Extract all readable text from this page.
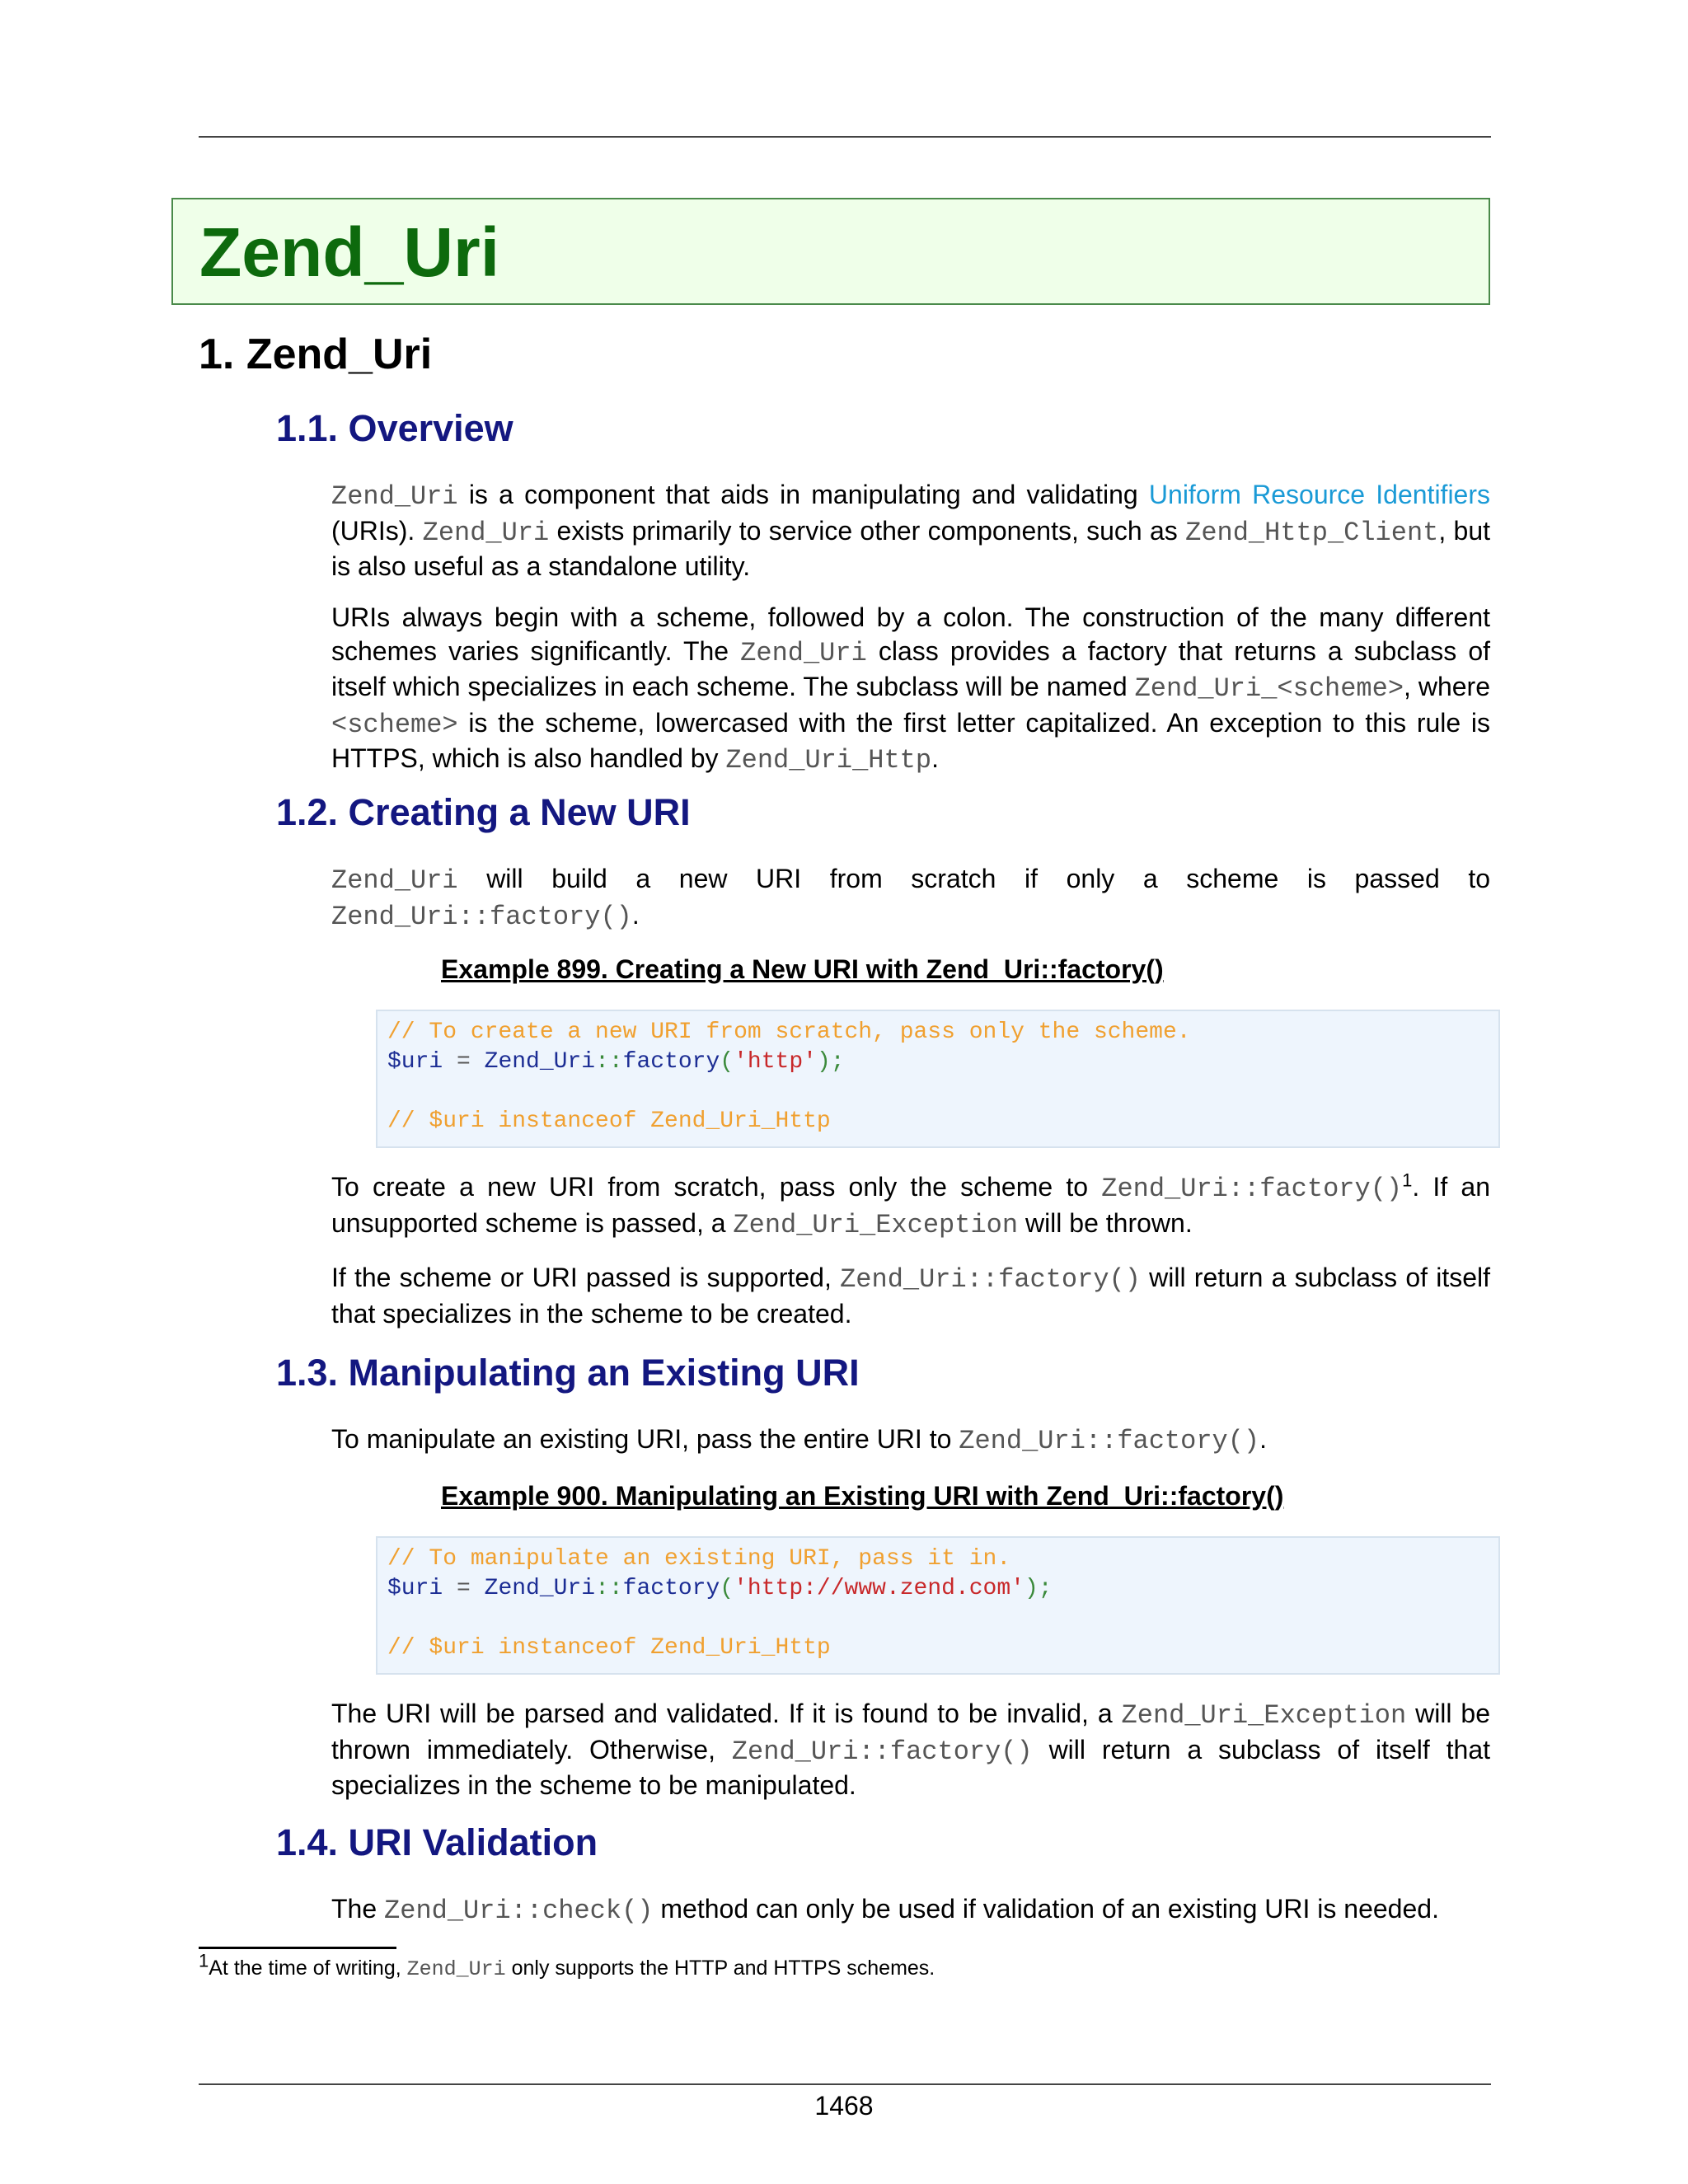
Zend_Uri
1. Zend_Uri
1.1. Overview

Zend_Uri is a component that aids in manipulating and validating Uniform Resource Identifiers (URIs). Zend_Uri exists primarily to service other components, such as Zend_Http_Client, but is also useful as a standalone utility.

URIs always begin with a scheme, followed by a colon. The construction of the many different schemes varies significantly. The Zend_Uri class provides a factory that returns a subclass of itself which specializes in each scheme. The subclass will be named Zend_Uri_<scheme>, where <scheme> is the scheme, lowercased with the first letter capitalized. An exception to this rule is HTTPS, which is also handled by Zend_Uri_Http.

1.2. Creating a New URI

Zend_Uri will build a new URI from scratch if only a scheme is passed to Zend_Uri::factory().

Example 899. Creating a New URI with Zend_Uri::factory()
// To create a new URI from scratch, pass only the scheme.
$uri = Zend_Uri::factory('http');

// $uri instanceof Zend_Uri_Http

To create a new URI from scratch, pass only the scheme to Zend_Uri::factory()$^1$. If an unsupported scheme is passed, a Zend_Uri_Exception will be thrown.

If the scheme or URI passed is supported, Zend_Uri::factory() will return a subclass of itself that specializes in the scheme to be created.

1.3. Manipulating an Existing URI

To manipulate an existing URI, pass the entire URI to Zend_Uri::factory().

Example 900. Manipulating an Existing URI with Zend_Uri::factory()
// To manipulate an existing URI, pass it in.
$uri = Zend_Uri::factory('http://www.zend.com');

// $uri instanceof Zend_Uri_Http

The URI will be parsed and validated. If it is found to be invalid, a Zend_Uri_Exception will be thrown immediately. Otherwise, Zend_Uri::factory() will return a subclass of itself that specializes in the scheme to be manipulated.

1.4. URI Validation

The Zend_Uri::check() method can only be used if validation of an existing URI is needed.

$^1$At the time of writing, Zend_Uri only supports the HTTP and HTTPS schemes.
1468
